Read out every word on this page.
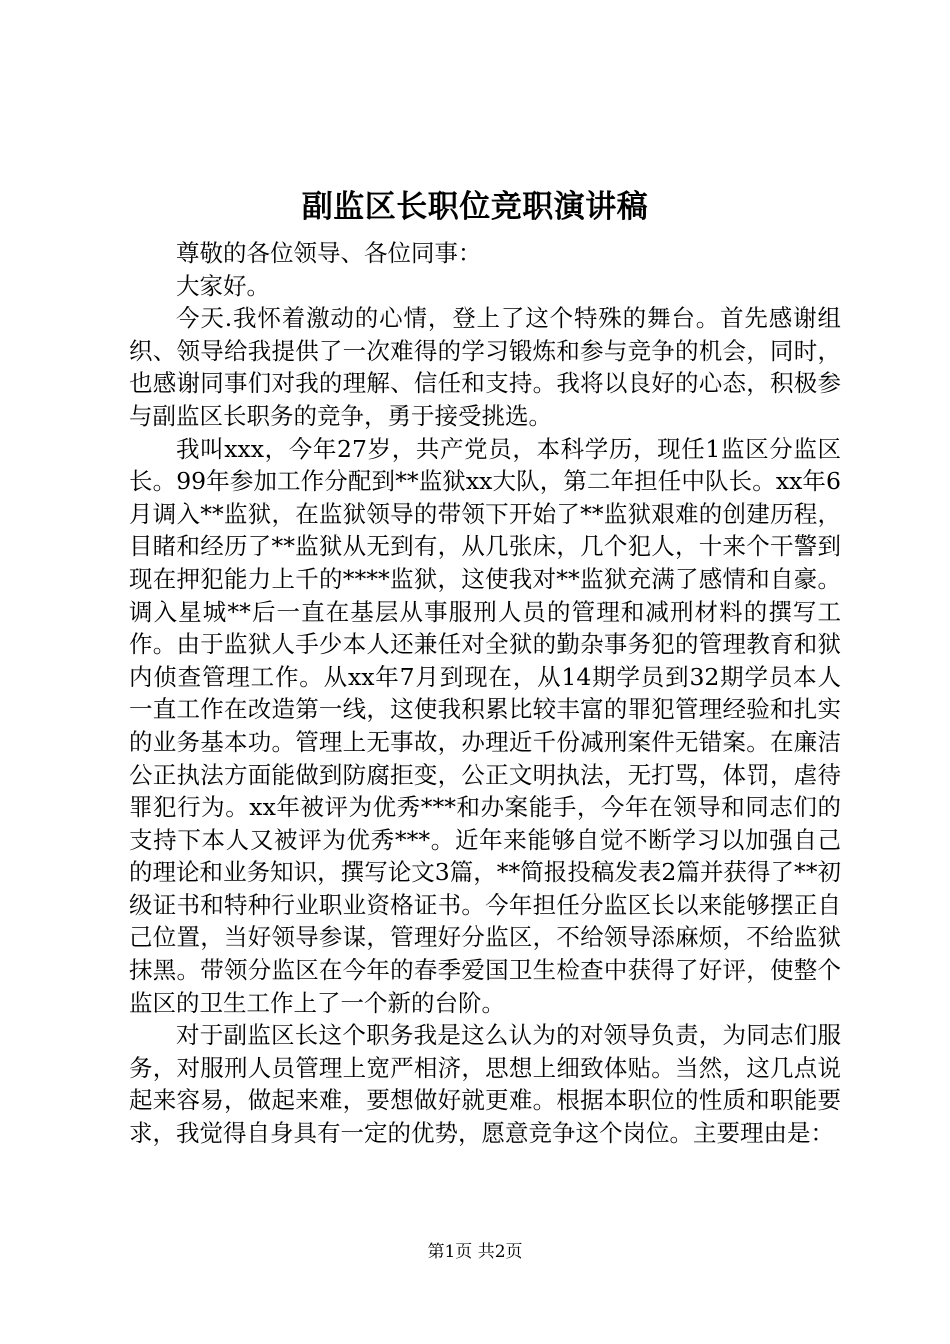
副监区长职位竞职演讲稿

尊敬的各位领导、各位同事：

大家好。

今天.我怀着激动的心情，登上了这个特殊的舞台。首先感谢组织、领导给我提供了一次难得的学习锻炼和参与竞争的机会，同时，也感谢同事们对我的理解、信任和支持。我将以良好的心态，积极参与副监区长职务的竞争，勇于接受挑选。

我叫xxx，今年27岁，共产党员，本科学历，现任1监区分监区长。99年参加工作分配到**监狱xx大队，第二年担任中队长。xx年6月调入**监狱，在监狱领导的带领下开始了**监狱艰难的创建历程，目睹和经历了**监狱从无到有，从几张床，几个犯人，十来个干警到现在押犯能力上千的****监狱，这使我对**监狱充满了感情和自豪。调入星城**后一直在基层从事服刑人员的管理和减刑材料的撰写工作。由于监狱人手少本人还兼任对全狱的勤杂事务犯的管理教育和狱内侦查管理工作。从xx年7月到现在，从14期学员到32期学员本人一直工作在改造第一线，这使我积累比较丰富的罪犯管理经验和扎实的业务基本功。管理上无事故，办理近千份减刑案件无错案。在廉洁公正执法方面能做到防腐拒变，公正文明执法，无打骂，体罚，虐待罪犯行为。xx年被评为优秀***和办案能手，今年在领导和同志们的支持下本人又被评为优秀***。近年来能够自觉不断学习以加强自己的理论和业务知识，撰写论文3篇，**简报投稿发表2篇并获得了**初级证书和特种行业职业资格证书。今年担任分监区长以来能够摆正自己位置，当好领导参谋，管理好分监区，不给领导添麻烦，不给监狱抹黑。带领分监区在今年的春季爱国卫生检查中获得了好评，使整个监区的卫生工作上了一个新的台阶。

对于副监区长这个职务我是这么认为的对领导负责，为同志们服务，对服刑人员管理上宽严相济，思想上细致体贴。当然，这几点说起来容易，做起来难，要想做好就更难。根据本职位的性质和职能要求，我觉得自身具有一定的优势，愿意竞争这个岗位。主要理由是：

第1页 共2页
